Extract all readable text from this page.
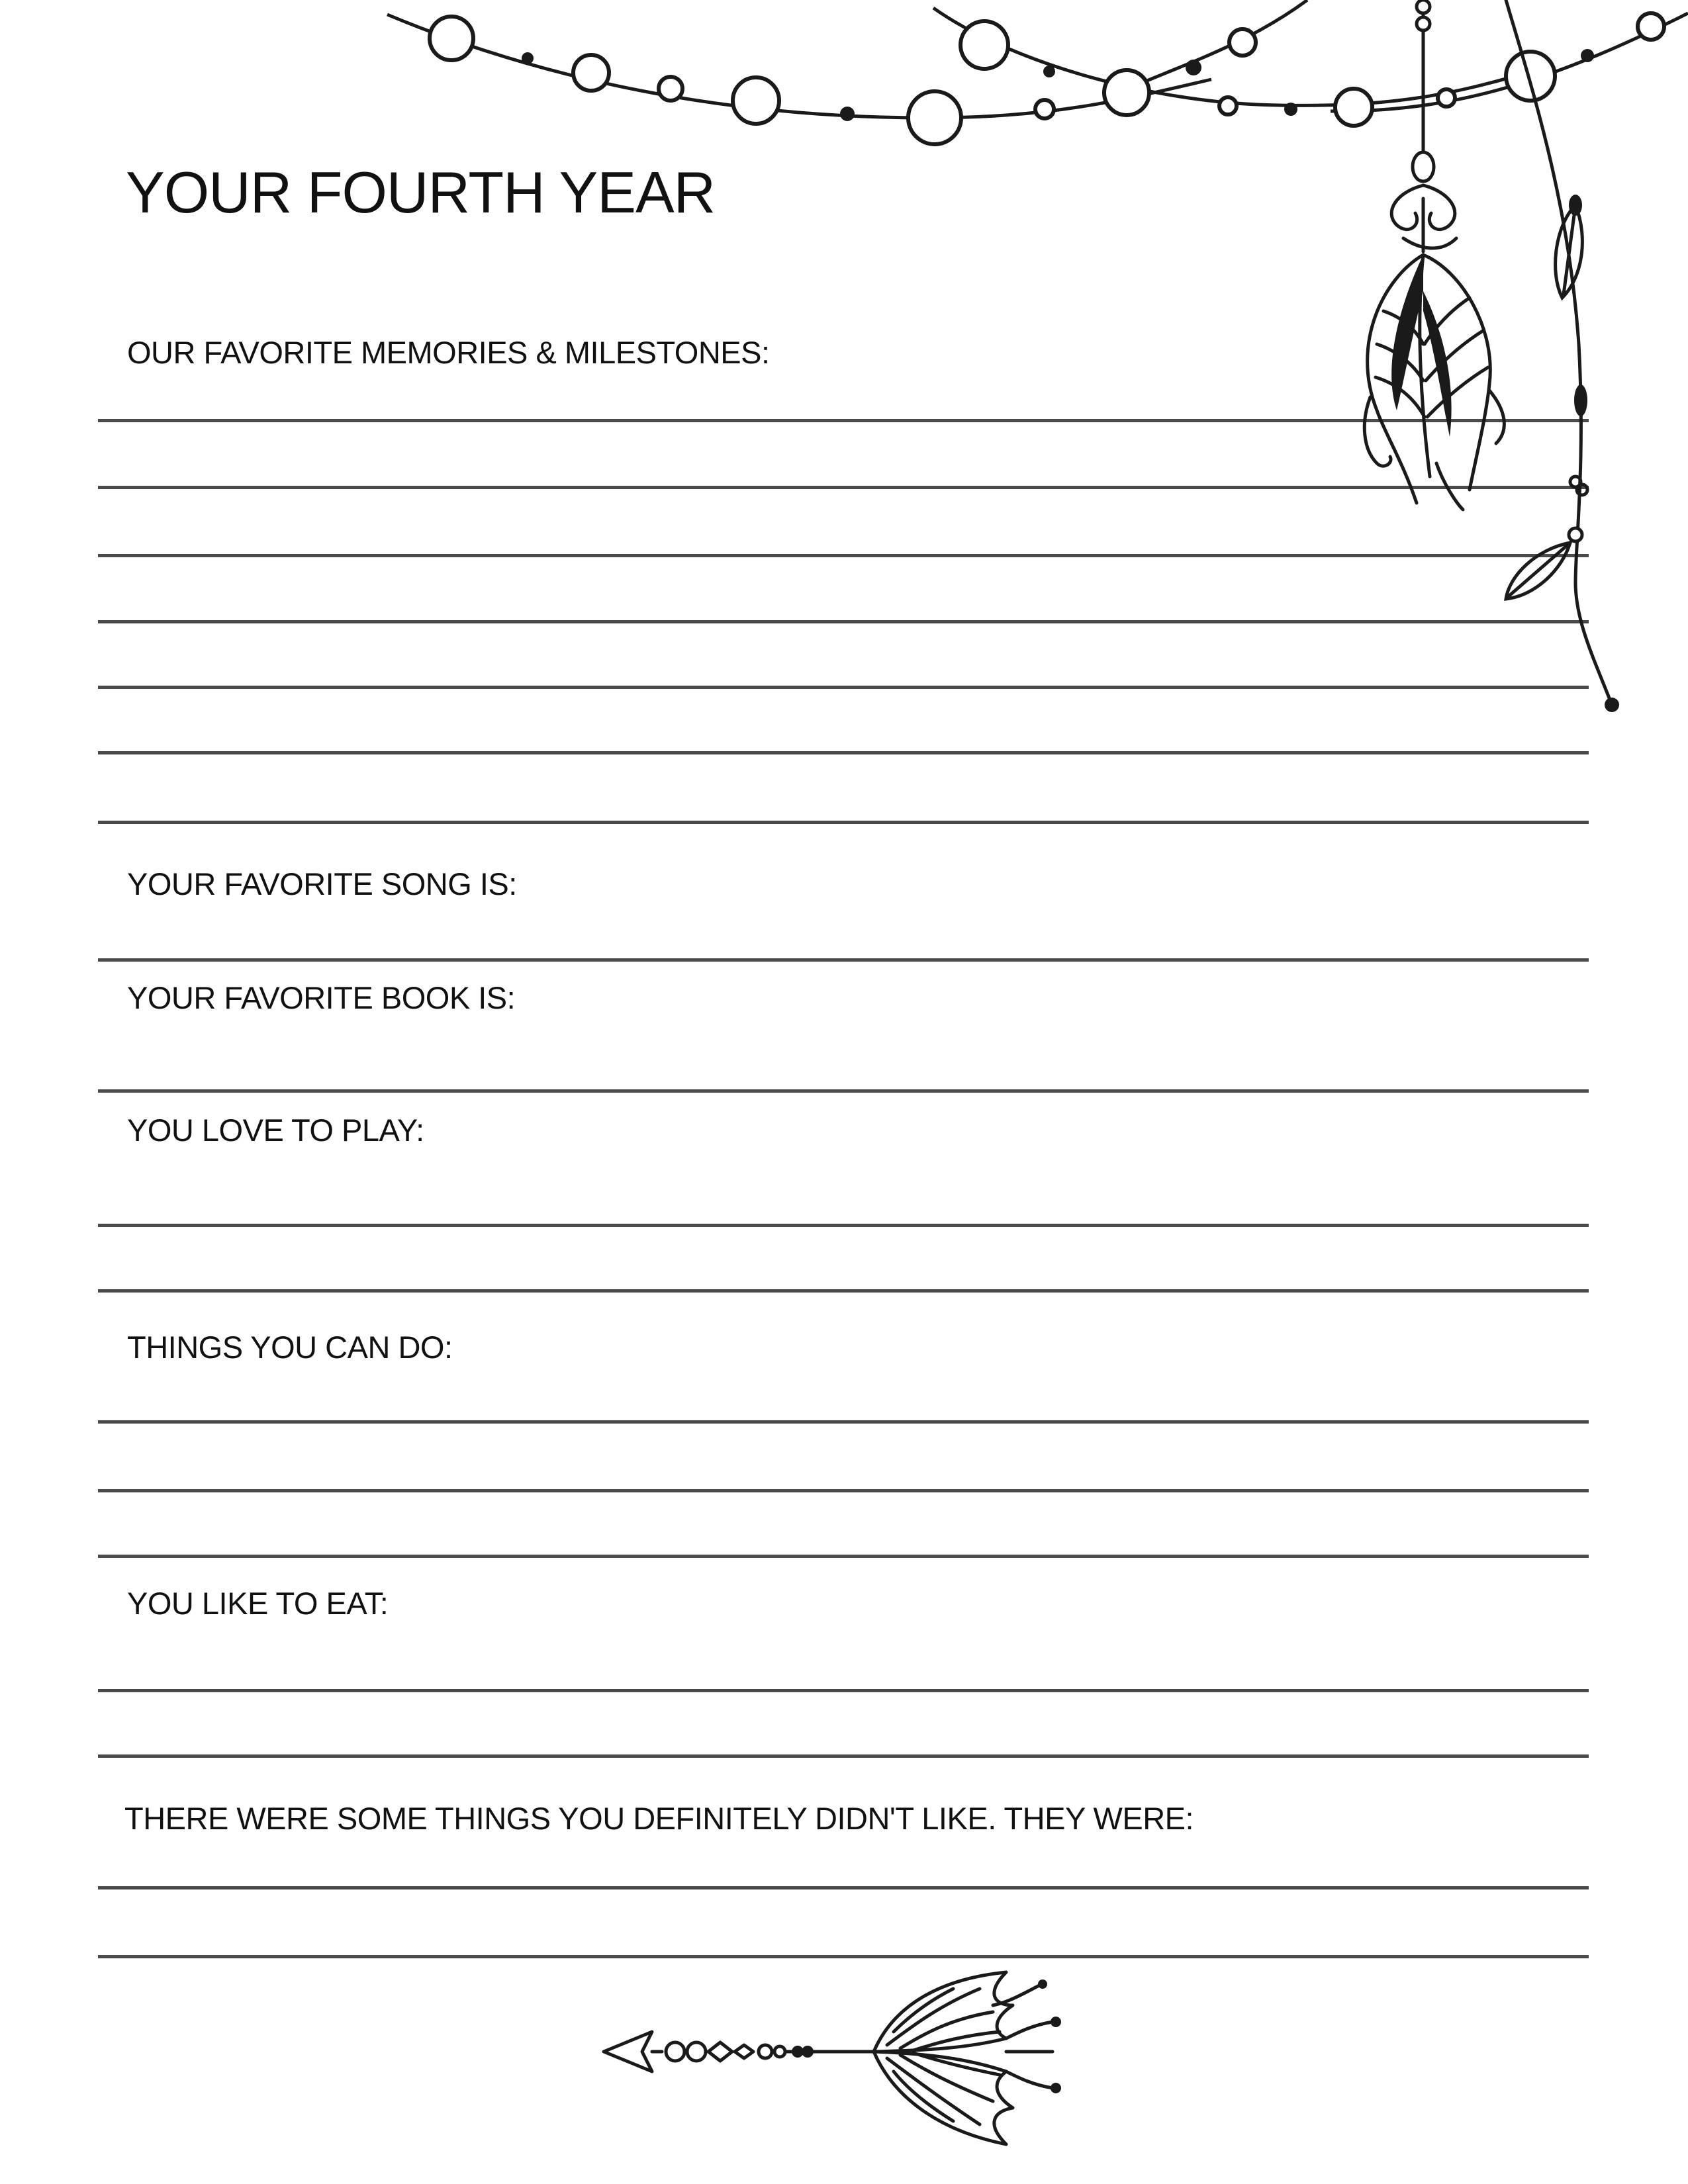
YOUR FOURTH YEAR
OUR FAVORITE MEMORIES & MILESTONES:
YOUR FAVORITE SONG IS:
YOUR FAVORITE BOOK IS:
YOU LOVE TO PLAY:
THINGS YOU CAN DO:
YOU LIKE TO EAT:
THERE WERE SOME THINGS YOU DEFINITELY DIDN'T LIKE. THEY WERE:
